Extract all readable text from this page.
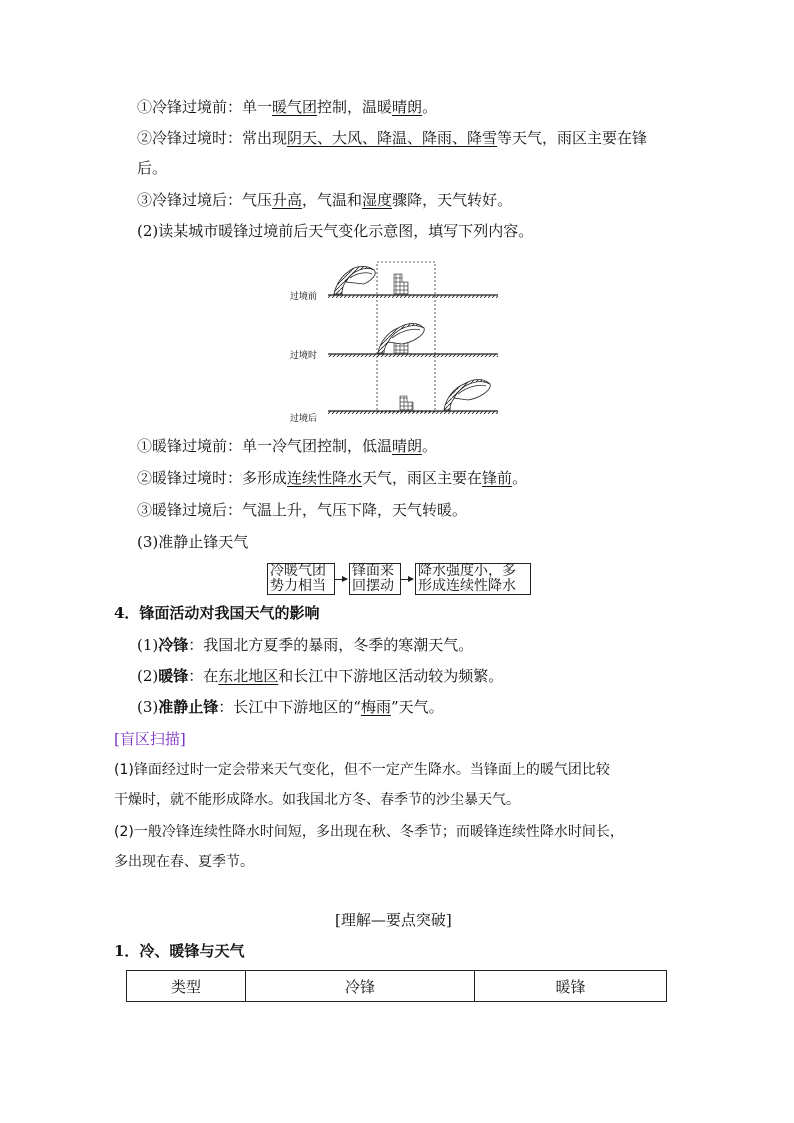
①冷锋过境前：单一暖气团控制，温暖晴朗。
②冷锋过境时：常出现阴天、大风、降温、降雨、降雪等天气，雨区主要在锋
后。
③冷锋过境后：气压升高，气温和湿度骤降，天气转好。
(2)读某城市暖锋过境前后天气变化示意图，填写下列内容。
过境前
过境时
过境后
①暖锋过境前：单一冷气团控制，低温晴朗。
②暖锋过境时：多形成连续性降水天气，雨区主要在锋前。
③暖锋过境后：气温上升，气压下降，天气转暖。
(3)准静止锋天气
冷暖气团
势力相当
锋面来
回摆动
降水强度小，多
形成连续性降水
4．锋面活动对我国天气的影响
(1)冷锋：我国北方夏季的暴雨，冬季的寒潮天气。
(2)暖锋：在东北地区和长江中下游地区活动较为频繁。
(3)准静止锋：长江中下游地区的“梅雨”天气。
[盲区扫描]
(1)锋面经过时一定会带来天气变化，但不一定产生降水。当锋面上的暖气团比较
干燥时，就不能形成降水。如我国北方冬、春季节的沙尘暴天气。
(2)一般冷锋连续性降水时间短，多出现在秋、冬季节；而暖锋连续性降水时间长，
多出现在春、夏季节。
[理解—要点突破]
1．冷、暖锋与天气
类型	冷锋	暖锋
